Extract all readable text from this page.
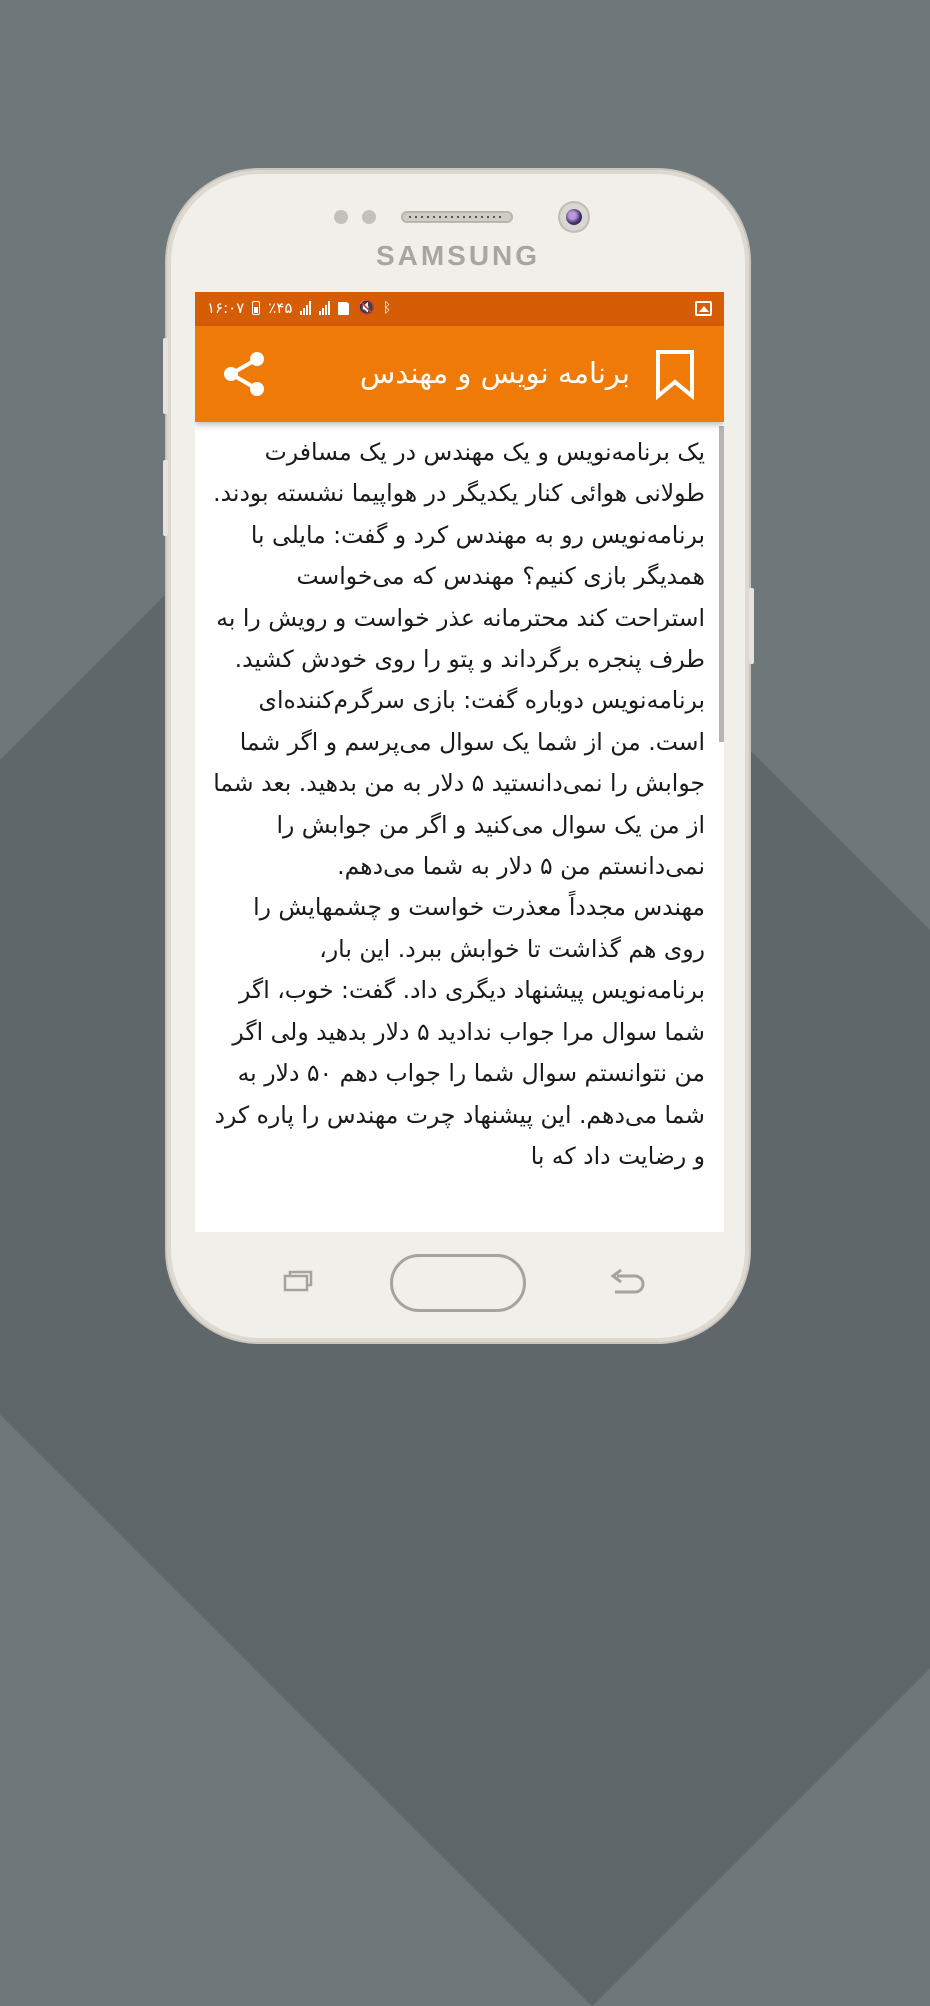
SAMSUNG
۱۶:۰۷ ٪۴۵	🔇 ᛒ
برنامه نویس و مهندس

یک برنامه‌نویس و یک مهندس در یک مسافرت طولانی هوائی کنار یکدیگر در هواپیما نشسته بودند. برنامه‌نویس رو به مهندس کرد و گفت: مایلی با همدیگر بازی کنیم؟ مهندس که می‌خواست استراحت کند محترمانه عذر خواست و رویش را به طرف پنجره برگرداند و پتو را روی خودش کشید. برنامه‌نویس دوباره گفت: بازی سرگرم‌کننده‌ای است. من از شما یک سوال می‌پرسم و اگر شما جوابش را نمی‌دانستید ۵ دلار به من بدهید. بعد شما از من یک سوال می‌کنید و اگر من جوابش را نمی‌دانستم من ۵ دلار به شما می‌دهم.

مهندس مجدداً معذرت خواست و چشمهایش را روی هم گذاشت تا خوابش ببرد. این بار، برنامه‌نویس پیشنهاد دیگری داد. گفت: خوب، اگر شما سوال مرا جواب ندادید ۵ دلار بدهید ولی اگر من نتوانستم سوال شما را جواب دهم ۵۰ دلار به شما می‌دهم. این پیشنهاد چرت مهندس را پاره کرد و رضایت داد که با
